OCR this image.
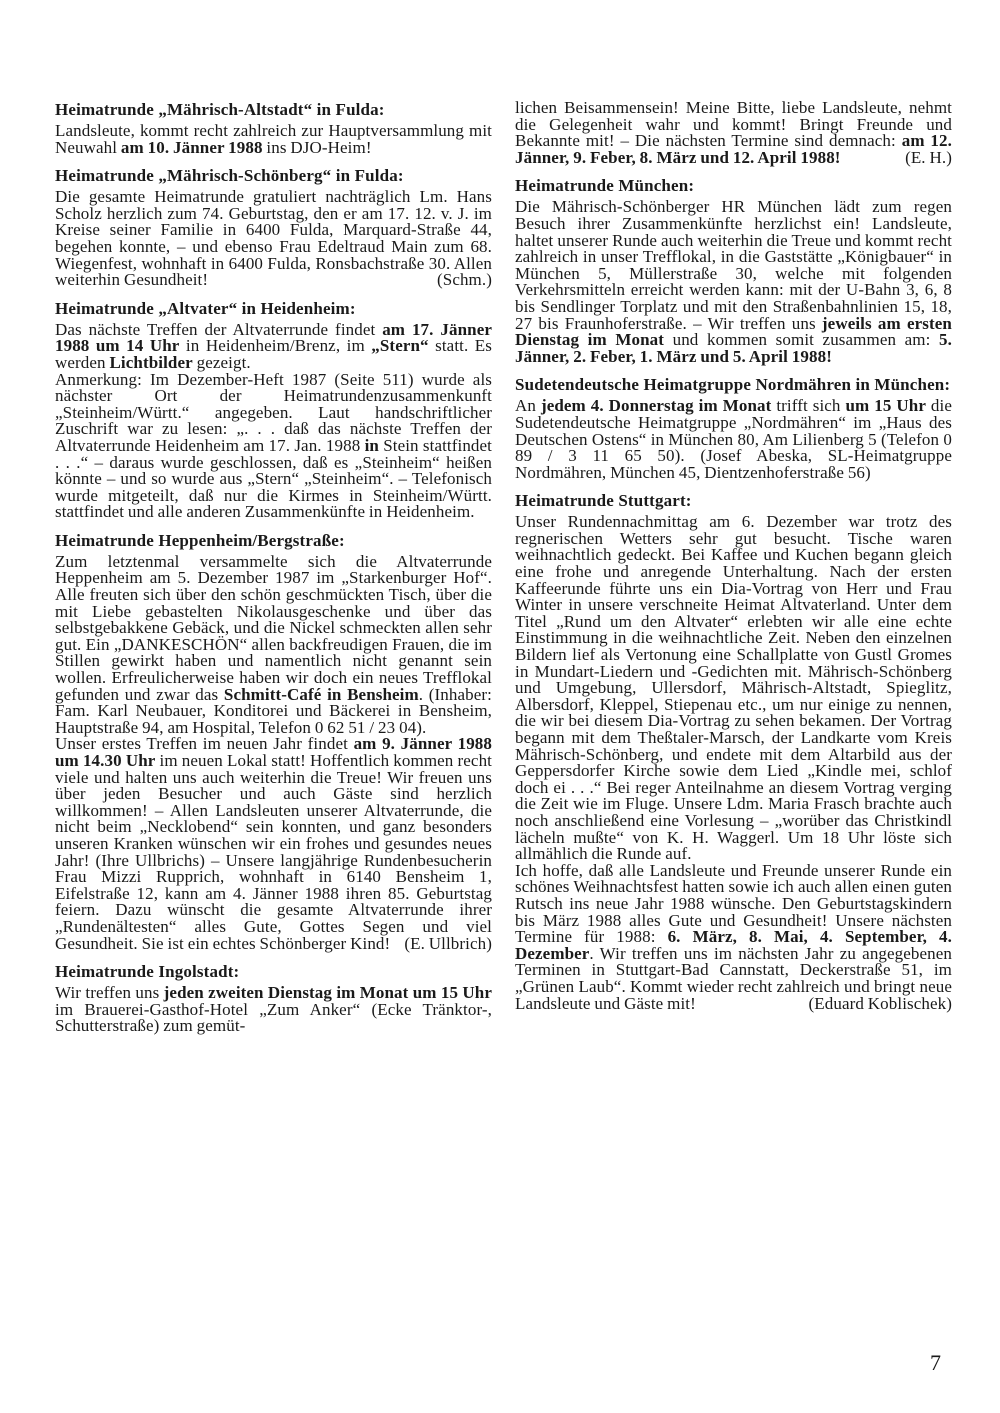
Heimatrunde „Mährisch-Altstadt“ in Fulda:

Landsleute, kommt recht zahlreich zur Hauptversammlung mit Neuwahl am 10. Jänner 1988 ins DJO-Heim!

Heimatrunde „Mährisch-Schönberg“ in Fulda:

Die gesamte Heimatrunde gratuliert nachträglich Lm. Hans Scholz herzlich zum 74. Geburtstag, den er am 17. 12. v. J. im Kreise seiner Familie in 6400 Fulda, Marquard-Straße 44, begehen konnte, – und ebenso Frau Edeltraud Main zum 68. Wiegenfest, wohnhaft in 6400 Fulda, Ronsbachstraße 30. Allen weiterhin Gesundheit!	(Schm.)

Heimatrunde „Altvater“ in Heidenheim:

Das nächste Treffen der Altvaterrunde findet am 17. Jänner 1988 um 14 Uhr in Heidenheim/Brenz, im „Stern“ statt. Es werden Lichtbilder gezeigt.

Anmerkung: Im Dezember-Heft 1987 (Seite 511) wurde als nächster Ort der Heimatrundenzusammenkunft „Steinheim/Württ.“ angegeben. Laut handschriftlicher Zuschrift war zu lesen: „. . . daß das nächste Treffen der Altvaterrunde Heidenheim am 17. Jan. 1988 in Stein stattfindet . . .“ – daraus wurde geschlossen, daß es „Steinheim“ heißen könnte – und so wurde aus „Stern“ „Steinheim“. – Telefonisch wurde mitgeteilt, daß nur die Kirmes in Steinheim/Württ. stattfindet und alle anderen Zusammenkünfte in Heidenheim.

Heimatrunde Heppenheim/Bergstraße:

Zum letztenmal versammelte sich die Altvaterrunde Heppenheim am 5. Dezember 1987 im „Starkenburger Hof“. Alle freuten sich über den schön geschmückten Tisch, über die mit Liebe gebastelten Nikolausgeschenke und über das selbstgebakkene Gebäck, und die Nickel schmeckten allen sehr gut. Ein „DANKESCHÖN“ allen backfreudigen Frauen, die im Stillen gewirkt haben und namentlich nicht genannt sein wollen. Erfreulicherweise haben wir doch ein neues Trefflokal gefunden und zwar das Schmitt-Café in Bensheim. (Inhaber: Fam. Karl Neubauer, Konditorei und Bäckerei in Bensheim, Hauptstraße 94, am Hospital, Telefon 0 62 51 / 23 04).

Unser erstes Treffen im neuen Jahr findet am 9. Jänner 1988 um 14.30 Uhr im neuen Lokal statt! Hoffentlich kommen recht viele und halten uns auch weiterhin die Treue! Wir freuen uns über jeden Besucher und auch Gäste sind herzlich willkommen! – Allen Landsleuten unserer Altvaterrunde, die nicht beim „Necklobend“ sein konnten, und ganz besonders unseren Kranken wünschen wir ein frohes und gesundes neues Jahr! (Ihre Ullbrichs) – Unsere langjährige Rundenbesucherin Frau Mizzi Rupprich, wohnhaft in 6140 Bensheim 1, Eifelstraße 12, kann am 4. Jänner 1988 ihren 85. Geburtstag feiern. Dazu wünscht die gesamte Altvaterrunde ihrer „Rundenältesten“ alles Gute, Gottes Segen und viel Gesundheit. Sie ist ein echtes Schönberger Kind! (E. Ullbrich)

Heimatrunde Ingolstadt:

Wir treffen uns jeden zweiten Dienstag im Monat um 15 Uhr im Brauerei-Gasthof-Hotel „Zum Anker“ (Ecke Tränktor-, Schutterstraße) zum gemüt-

lichen Beisammensein! Meine Bitte, liebe Landsleute, nehmt die Gelegenheit wahr und kommt! Bringt Freunde und Bekannte mit! – Die nächsten Termine sind demnach: am 12. Jänner, 9. Feber, 8. März und 12. April 1988!	(E. H.)

Heimatrunde München:

Die Mährisch-Schönberger HR München lädt zum regen Besuch ihrer Zusammenkünfte herzlichst ein! Landsleute, haltet unserer Runde auch weiterhin die Treue und kommt recht zahlreich in unser Trefflokal, in die Gaststätte „Königbauer“ in München 5, Müllerstraße 30, welche mit folgenden Verkehrsmitteln erreicht werden kann: mit der U-Bahn 3, 6, 8 bis Sendlinger Torplatz und mit den Straßenbahnlinien 15, 18, 27 bis Fraunhoferstraße. – Wir treffen uns jeweils am ersten Dienstag im Monat und kommen somit zusammen am: 5. Jänner, 2. Feber, 1. März und 5. April 1988!

Sudetendeutsche Heimatgruppe Nordmähren in München:

An jedem 4. Donnerstag im Monat trifft sich um 15 Uhr die Sudetendeutsche Heimatgruppe „Nordmähren“ im „Haus des Deutschen Ostens“ in München 80, Am Lilienberg 5 (Telefon 0 89 / 3 11 65 50). (Josef Abeska, SL-Heimatgruppe Nordmähren, München 45, Dientzenhoferstraße 56)

Heimatrunde Stuttgart:

Unser Rundennachmittag am 6. Dezember war trotz des regnerischen Wetters sehr gut besucht. Tische waren weihnachtlich gedeckt. Bei Kaffee und Kuchen begann gleich eine frohe und anregende Unterhaltung. Nach der ersten Kaffeerunde führte uns ein Dia-Vortrag von Herr und Frau Winter in unsere verschneite Heimat Altvaterland. Unter dem Titel „Rund um den Altvater“ erlebten wir alle eine echte Einstimmung in die weihnachtliche Zeit. Neben den einzelnen Bildern lief als Vertonung eine Schallplatte von Gustl Gromes in Mundart-Liedern und -Gedichten mit. Mährisch-Schönberg und Umgebung, Ullersdorf, Mährisch-Altstadt, Spieglitz, Albersdorf, Kleppel, Stiepenau etc., um nur einige zu nennen, die wir bei diesem Dia-Vortrag zu sehen bekamen. Der Vortrag begann mit dem Theßtaler-Marsch, der Landkarte vom Kreis Mährisch-Schönberg, und endete mit dem Altarbild aus der Geppersdorfer Kirche sowie dem Lied „Kindle mei, schlof doch ei . . .“ Bei reger Anteilnahme an diesem Vortrag verging die Zeit wie im Fluge. Unsere Ldm. Maria Frasch brachte auch noch anschließend eine Vorlesung – „worüber das Christkindl lächeln mußte“ von K. H. Waggerl. Um 18 Uhr löste sich allmählich die Runde auf.

Ich hoffe, daß alle Landsleute und Freunde unserer Runde ein schönes Weihnachtsfest hatten sowie ich auch allen einen guten Rutsch ins neue Jahr 1988 wünsche. Den Geburtstagskindern bis März 1988 alles Gute und Gesundheit! Unsere nächsten Termine für 1988: 6. März, 8. Mai, 4. September, 4. Dezember. Wir treffen uns im nächsten Jahr zu angegebenen Terminen in Stuttgart-Bad Cannstatt, Deckerstraße 51, im „Grünen Laub“. Kommt wieder recht zahlreich und bringt neue Landsleute und Gäste mit!	(Eduard Koblischek)

7
